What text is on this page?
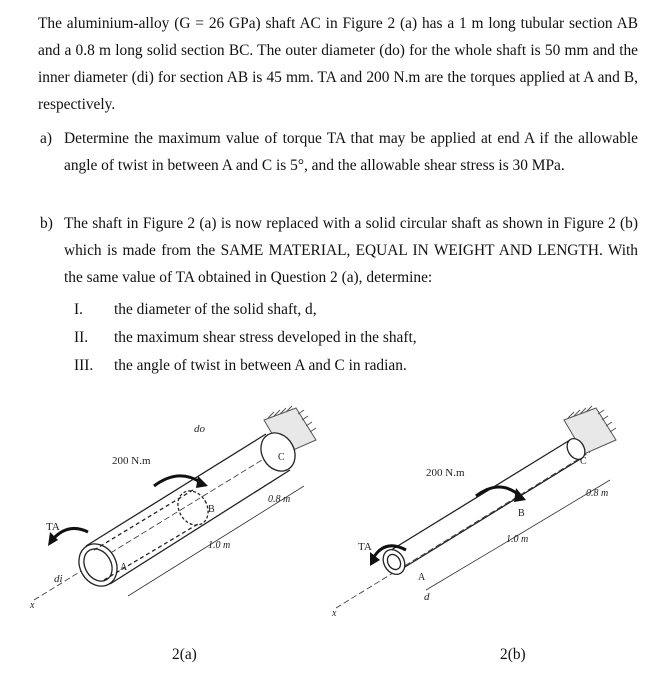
The aluminium-alloy (G = 26 GPa) shaft AC in Figure 2 (a) has a 1 m long tubular section AB and a 0.8 m long solid section BC. The outer diameter (do) for the whole shaft is 50 mm and the inner diameter (di) for section AB is 45 mm. TA and 200 N.m are the torques applied at A and B, respectively.
a) Determine the maximum value of torque TA that may be applied at end A if the allowable angle of twist in between A and C is 5°, and the allowable shear stress is 30 MPa.
b) The shaft in Figure 2 (a) is now replaced with a solid circular shaft as shown in Figure 2 (b) which is made from the SAME MATERIAL, EQUAL IN WEIGHT AND LENGTH. With the same value of TA obtained in Question 2 (a), determine:
I.	the diameter of the solid shaft, d,
II.	the maximum shear stress developed in the shaft,
III.	the angle of twist in between A and C in radian.
200 N.m
TA
do
di
1.0 m
0.8 m
A
B
C
x
200 N.m
TA
d
1.0 m
0.8 m
A
B
C
x
2(a)	2(b)
